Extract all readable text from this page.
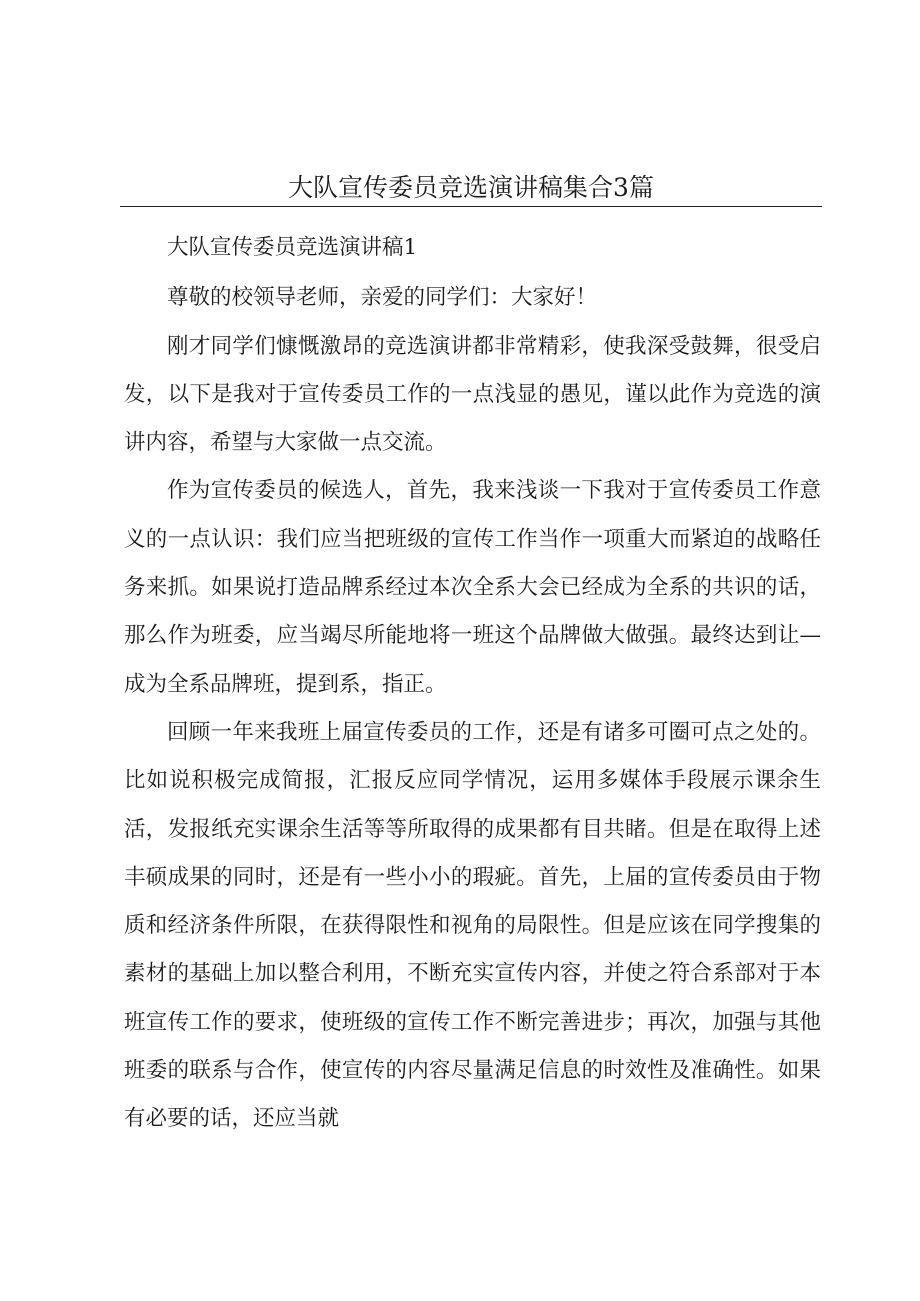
大队宣传委员竞选演讲稿集合3篇

大队宣传委员竞选演讲稿1

尊敬的校领导老师，亲爱的同学们：大家好！

刚才同学们慷慨激昂的竞选演讲都非常精彩，使我深受鼓舞，很受启发，以下是我对于宣传委员工作的一点浅显的愚见，谨以此作为竞选的演讲内容，希望与大家做一点交流。

作为宣传委员的候选人，首先，我来浅谈一下我对于宣传委员工作意义的一点认识：我们应当把班级的宣传工作当作一项重大而紧迫的战略任务来抓。如果说打造品牌系经过本次全系大会已经成为全系的共识的话，那么作为班委，应当竭尽所能地将一班这个品牌做大做强。最终达到让—成为全系品牌班，提到系，指正。

回顾一年来我班上届宣传委员的工作，还是有诸多可圈可点之处的。比如说积极完成简报，汇报反应同学情况，运用多媒体手段展示课余生活，发报纸充实课余生活等等所取得的成果都有目共睹。但是在取得上述丰硕成果的同时，还是有一些小小的瑕疵。首先，上届的宣传委员由于物质和经济条件所限，在获得限性和视角的局限性。但是应该在同学搜集的素材的基础上加以整合利用，不断充实宣传内容，并使之符合系部对于本班宣传工作的要求，使班级的宣传工作不断完善进步；再次，加强与其他班委的联系与合作，使宣传的内容尽量满足信息的时效性及准确性。如果有必要的话，还应当就
